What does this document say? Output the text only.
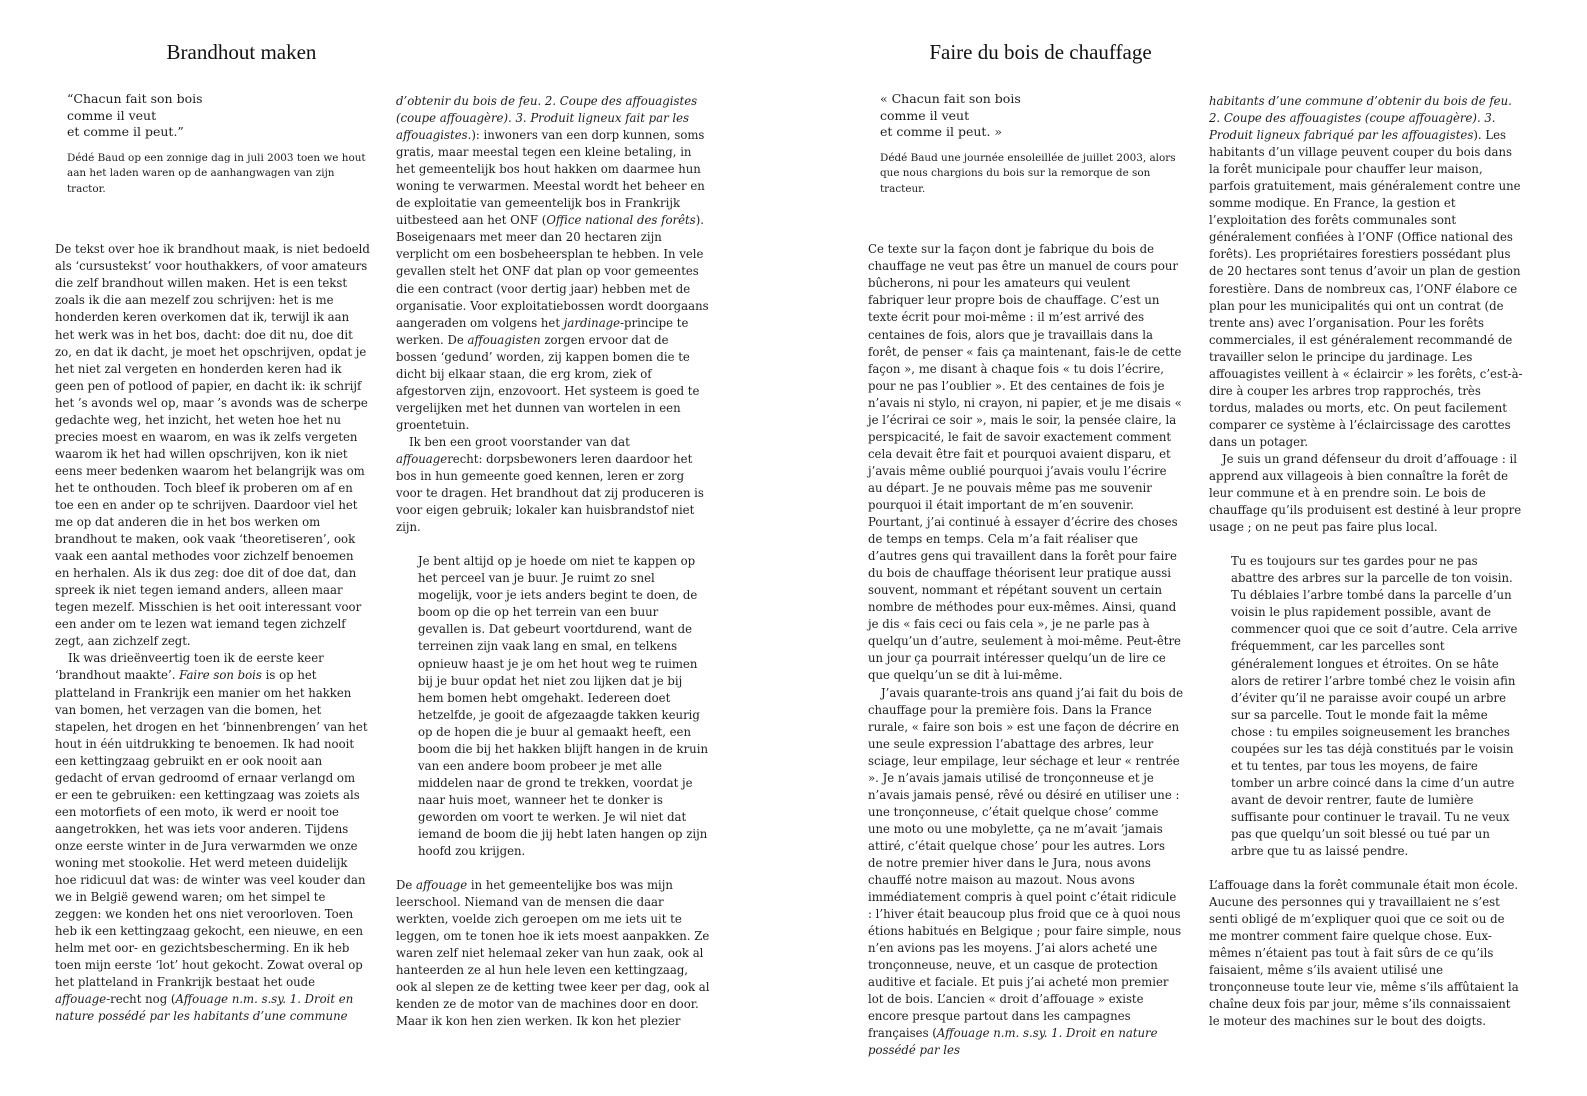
Brandhout maken

“Chacun fait son bois
comme il veut
et comme il peut.”

Dédé Baud op een zonnige dag in juli 2003 toen we hout aan het laden waren op de aanhangwagen van zijn tractor.

De tekst over hoe ik brandhout maak, is niet bedoeld als ‘cursustekst’ voor houthakkers, of voor amateurs die zelf brandhout willen maken. Het is een tekst zoals ik die aan mezelf zou schrijven: het is me honderden keren overkomen dat ik, terwijl ik aan het werk was in het bos, dacht: doe dit nu, doe dit zo, en dat ik dacht, je moet het opschrijven, opdat je het niet zal vergeten en honderden keren had ik geen pen of potlood of papier, en dacht ik: ik schrijf het ’s avonds wel op, maar ’s avonds was de scherpe gedachte weg, het inzicht, het weten hoe het nu precies moest en waarom, en was ik zelfs vergeten waarom ik het had willen opschrijven, kon ik niet eens meer bedenken waarom het belangrijk was om het te onthouden. Toch bleef ik proberen om af en toe een en ander op te schrijven. Daardoor viel het me op dat anderen die in het bos werken om brandhout te maken, ook vaak ‘theoretiseren’, ook vaak een aantal methodes voor zichzelf benoemen en herhalen. Als ik dus zeg: doe dit of doe dat, dan spreek ik niet tegen iemand anders, alleen maar tegen mezelf. Misschien is het ooit interessant voor een ander om te lezen wat iemand tegen zichzelf zegt, aan zichzelf zegt.

Ik was drieënveertig toen ik de eerste keer ‘brandhout maakte’. Faire son bois is op het platteland in Frankrijk een manier om het hakken van bomen, het verzagen van die bomen, het stapelen, het drogen en het ‘binnenbrengen’ van het hout in één uitdrukking te benoemen. Ik had nooit een kettingzaag gebruikt en er ook nooit aan gedacht of ervan gedroomd of ernaar verlangd om er een te gebruiken: een kettingzaag was zoiets als een motorfiets of een moto, ik werd er nooit toe aangetrokken, het was iets voor anderen. Tijdens onze eerste winter in de Jura verwarmden we onze woning met stookolie. Het werd meteen duidelijk hoe ridicuul dat was: de winter was veel kouder dan we in België gewend waren; om het simpel te zeggen: we konden het ons niet veroorloven. Toen heb ik een kettingzaag gekocht, een nieuwe, en een helm met oor- en gezichtsbescherming. En ik heb toen mijn eerste ‘lot’ hout gekocht. Zowat overal op het platteland in Frankrijk bestaat het oude affouage-recht nog (Affouage n.m. s.sy. 1. Droit en nature possédé par les habitants d’une commune

d’obtenir du bois de feu. 2. Coupe des affouagistes (coupe affouagère). 3. Produit ligneux fait par les affouagistes.): inwoners van een dorp kunnen, soms gratis, maar meestal tegen een kleine betaling, in het gemeentelijk bos hout hakken om daarmee hun woning te verwarmen. Meestal wordt het beheer en de exploitatie van gemeentelijk bos in Frankrijk uitbesteed aan het ONF (Office national des forêts). Boseigenaars met meer dan 20 hectaren zijn verplicht om een bosbeheersplan te hebben. In vele gevallen stelt het ONF dat plan op voor gemeentes die een contract (voor dertig jaar) hebben met de organisatie. Voor exploitatiebossen wordt doorgaans aangeraden om volgens het jardinage-principe te werken. De affouagisten zorgen ervoor dat de bossen ‘gedund’ worden, zij kappen bomen die te dicht bij elkaar staan, die erg krom, ziek of afgestorven zijn, enzovoort. Het systeem is goed te vergelijken met het dunnen van wortelen in een groentetuin.

Ik ben een groot voorstander van dat affouagerecht: dorpsbewoners leren daardoor het bos in hun gemeente goed kennen, leren er zorg voor te dragen. Het brandhout dat zij produceren is voor eigen gebruik; lokaler kan huisbrandstof niet zijn.

Je bent altijd op je hoede om niet te kappen op het perceel van je buur. Je ruimt zo snel mogelijk, voor je iets anders begint te doen, de boom op die op het terrein van een buur gevallen is. Dat gebeurt voortdurend, want de terreinen zijn vaak lang en smal, en telkens opnieuw haast je je om het hout weg te ruimen bij je buur opdat het niet zou lijken dat je bij hem bomen hebt omgehakt. Iedereen doet hetzelfde, je gooit de afgezaagde takken keurig op de hopen die je buur al gemaakt heeft, een boom die bij het hakken blijft hangen in de kruin van een andere boom probeer je met alle middelen naar de grond te trekken, voordat je naar huis moet, wanneer het te donker is geworden om voort te werken. Je wil niet dat iemand de boom die jij hebt laten hangen op zijn hoofd zou krijgen.

De affouage in het gemeentelijke bos was mijn leerschool. Niemand van de mensen die daar werkten, voelde zich geroepen om me iets uit te leggen, om te tonen hoe ik iets moest aanpakken. Ze waren zelf niet helemaal zeker van hun zaak, ook al hanteerden ze al hun hele leven een kettingzaag, ook al slepen ze de ketting twee keer per dag, ook al kenden ze de motor van de machines door en door. Maar ik kon hen zien werken. Ik kon het plezier

Faire du bois de chauffage

« Chacun fait son bois
comme il veut
et comme il peut. »

Dédé Baud une journée ensoleillée de juillet 2003, alors que nous chargions du bois sur la remorque de son tracteur.

Ce texte sur la façon dont je fabrique du bois de chauffage ne veut pas être un manuel de cours pour bûcherons, ni pour les amateurs qui veulent fabriquer leur propre bois de chauffage. C’est un texte écrit pour moi-même : il m’est arrivé des centaines de fois, alors que je travaillais dans la forêt, de penser « fais ça maintenant, fais-le de cette façon », me disant à chaque fois « tu dois l’écrire, pour ne pas l’oublier ». Et des centaines de fois je n’avais ni stylo, ni crayon, ni papier, et je me disais « je l’écrirai ce soir », mais le soir, la pensée claire, la perspicacité, le fait de savoir exactement comment cela devait être fait et pourquoi avaient disparu, et j’avais même oublié pourquoi j’avais voulu l’écrire au départ. Je ne pouvais même pas me souvenir pourquoi il était important de m’en souvenir. Pourtant, j’ai continué à essayer d’écrire des choses de temps en temps. Cela m’a fait réaliser que d’autres gens qui travaillent dans la forêt pour faire du bois de chauffage théorisent leur pratique aussi souvent, nommant et répétant souvent un certain nombre de méthodes pour eux-mêmes. Ainsi, quand je dis « fais ceci ou fais cela », je ne parle pas à quelqu’un d’autre, seulement à moi-même. Peut-être un jour ça pourrait intéresser quelqu’un de lire ce que quelqu’un se dit à lui-même.

J’avais quarante-trois ans quand j’ai fait du bois de chauffage pour la première fois. Dans la France rurale, « faire son bois » est une façon de décrire en une seule expression l’abattage des arbres, leur sciage, leur empilage, leur séchage et leur « rentrée ». Je n’avais jamais utilisé de tronçonneuse et je n’avais jamais pensé, rêvé ou désiré en utiliser une : une tronçonneuse, c’était quelque chose’ comme une moto ou une mobylette, ça ne m’avait ’jamais attiré, c’était quelque chose’ pour les autres. Lors de notre premier hiver dans le Jura, nous avons chauffé notre maison au mazout. Nous avons immédiatement compris à quel point c’était ridicule : l’hiver était beaucoup plus froid que ce à quoi nous étions habitués en Belgique ; pour faire simple, nous n’en avions pas les moyens. J’ai alors acheté une tronçonneuse, neuve, et un casque de protection auditive et faciale. Et puis j’ai acheté mon premier lot de bois. L’ancien « droit d’affouage » existe encore presque partout dans les campagnes françaises (Affouage n.m. s.sy. 1. Droit en nature possédé par les

habitants d’une commune d’obtenir du bois de feu. 2. Coupe des affouagistes (coupe affouagère). 3. Produit ligneux fabriqué par les affouagistes). Les habitants d’un village peuvent couper du bois dans la forêt municipale pour chauffer leur maison, parfois gratuitement, mais généralement contre une somme modique. En France, la gestion et l’exploitation des forêts communales sont généralement confiées à l’ONF (Office national des forêts). Les propriétaires forestiers possédant plus de 20 hectares sont tenus d’avoir un plan de gestion forestière. Dans de nombreux cas, l’ONF élabore ce plan pour les municipalités qui ont un contrat (de trente ans) avec l’organisation. Pour les forêts commerciales, il est généralement recommandé de travailler selon le principe du jardinage. Les affouagistes veillent à « éclaircir » les forêts, c’est-à-dire à couper les arbres trop rapprochés, très tordus, malades ou morts, etc. On peut facilement comparer ce système à l’éclaircissage des carottes dans un potager.

Je suis un grand défenseur du droit d’affouage : il apprend aux villageois à bien connaître la forêt de leur commune et à en prendre soin. Le bois de chauffage qu’ils produisent est destiné à leur propre usage ; on ne peut pas faire plus local.

Tu es toujours sur tes gardes pour ne pas abattre des arbres sur la parcelle de ton voisin. Tu déblaies l’arbre tombé dans la parcelle d’un voisin le plus rapidement possible, avant de commencer quoi que ce soit d’autre. Cela arrive fréquemment, car les parcelles sont généralement longues et étroites. On se hâte alors de retirer l’arbre tombé chez le voisin afin d’éviter qu’il ne paraisse avoir coupé un arbre sur sa parcelle. Tout le monde fait la même chose : tu empiles soigneusement les branches coupées sur les tas déjà constitués par le voisin et tu tentes, par tous les moyens, de faire tomber un arbre coincé dans la cime d’un autre avant de devoir rentrer, faute de lumière suffisante pour continuer le travail. Tu ne veux pas que quelqu’un soit blessé ou tué par un arbre que tu as laissé pendre.

L’affouage dans la forêt communale était mon école. Aucune des personnes qui y travaillaient ne s’est senti obligé de m’expliquer quoi que ce soit ou de me montrer comment faire quelque chose. Eux-mêmes n’étaient pas tout à fait sûrs de ce qu’ils faisaient, même s’ils avaient utilisé une tronçonneuse toute leur vie, même s’ils affûtaient la chaîne deux fois par jour, même s’ils connaissaient le moteur des machines sur le bout des doigts.
